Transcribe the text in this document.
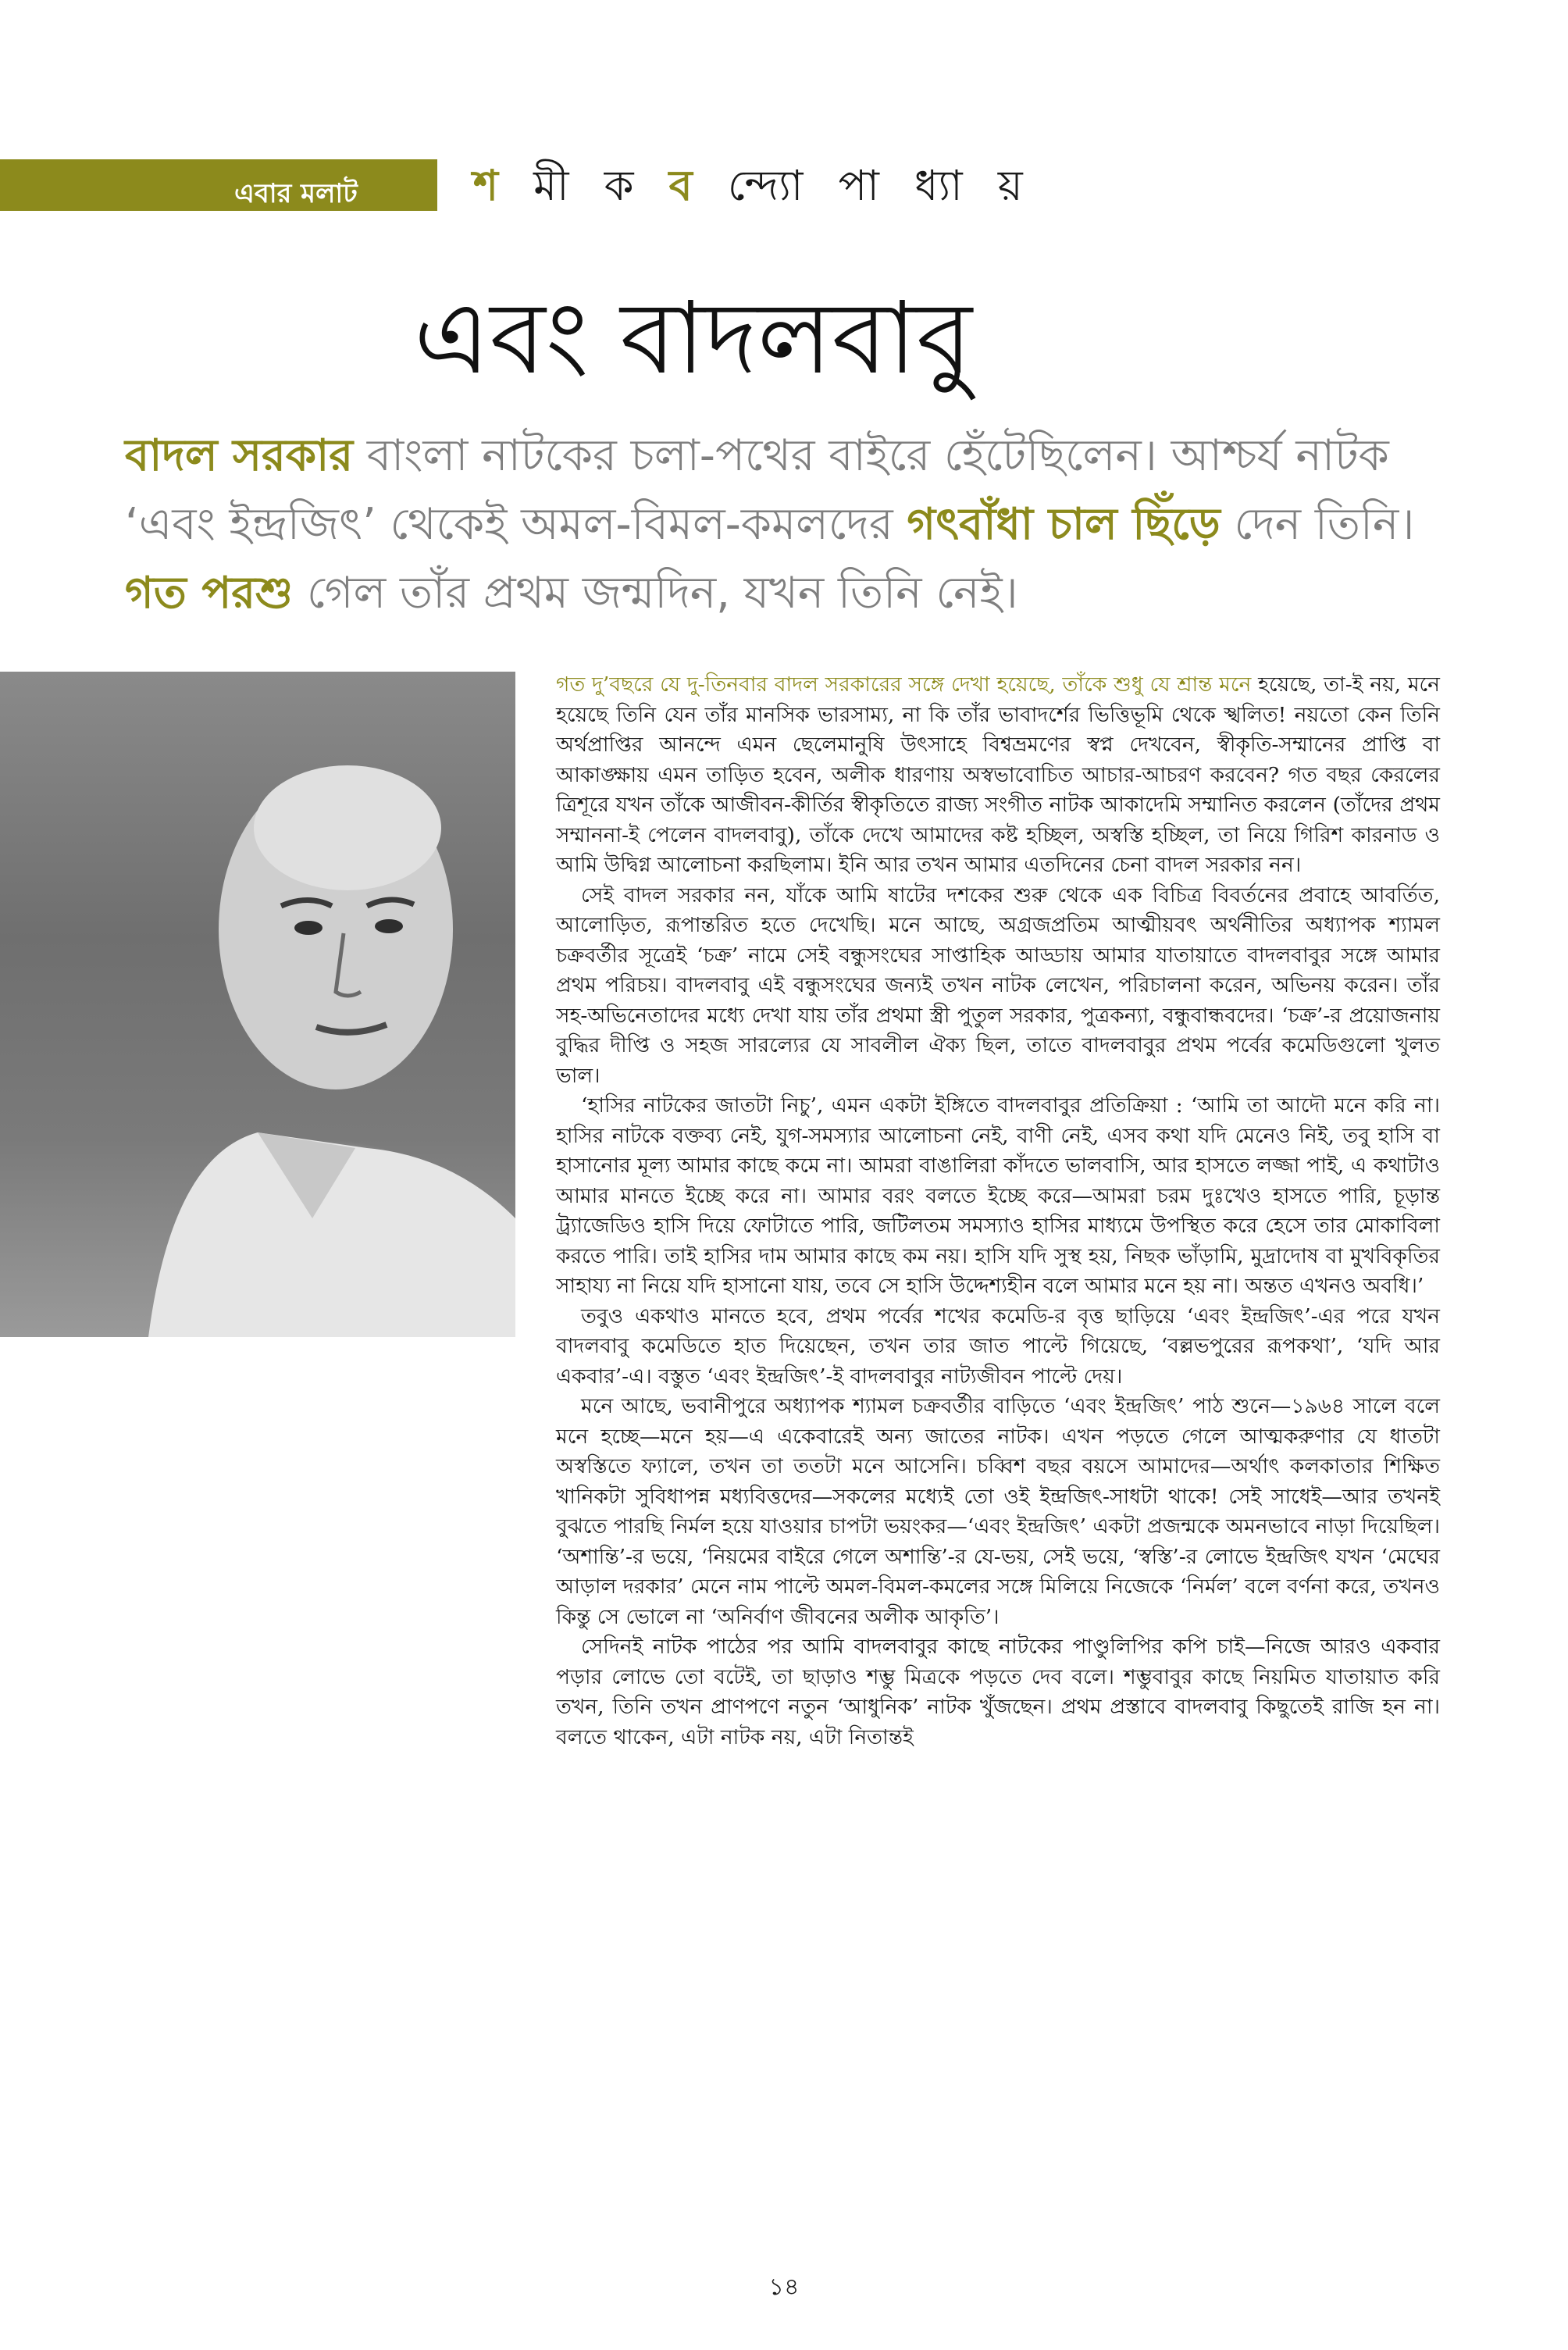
এবার মলাট	শ মী ক ব ন্দ্যো পা ধ্যা য়
এবং বাদলবাবু
বাদল সরকার বাংলা নাটকের চলা-পথের বাইরে হেঁটেছিলেন। আশ্চর্য নাটক ‘এবং ইন্দ্রজিৎ’ থেকেই অমল-বিমল-কমলদের গৎবাঁধা চাল ছিঁড়ে দেন তিনি। গত পরশু গেল তাঁর প্রথম জন্মদিন, যখন তিনি নেই।

গত দু’বছরে যে দু-তিনবার বাদল সরকারের সঙ্গে দেখা হয়েছে, তাঁকে শুধু যে শ্রান্ত মনে হয়েছে, তা-ই নয়, মনে হয়েছে তিনি যেন তাঁর মানসিক ভারসাম্য, না কি তাঁর ভাবাদর্শের ভিত্তিভূমি থেকে স্খলিত! নয়তো কেন তিনি অর্থপ্রাপ্তির আনন্দে এমন ছেলেমানুষি উৎসাহে বিশ্বভ্রমণের স্বপ্ন দেখবেন, স্বীকৃতি-সম্মানের প্রাপ্তি বা আকাঙ্ক্ষায় এমন তাড়িত হবেন, অলীক ধারণায় অস্বভাবোচিত আচার-আচরণ করবেন? গত বছর কেরলের ত্রিশূরে যখন তাঁকে আজীবন-কীর্তির স্বীকৃতিতে রাজ্য সংগীত নাটক আকাদেমি সম্মানিত করলেন (তাঁদের প্রথম সম্মাননা-ই পেলেন বাদলবাবু), তাঁকে দেখে আমাদের কষ্ট হচ্ছিল, অস্বস্তি হচ্ছিল, তা নিয়ে গিরিশ কারনাড ও আমি উদ্বিগ্ন আলোচনা করছিলাম। ইনি আর তখন আমার এতদিনের চেনা বাদল সরকার নন।

সেই বাদল সরকার নন, যাঁকে আমি ষাটের দশকের শুরু থেকে এক বিচিত্র বিবর্তনের প্রবাহে আবর্তিত, আলোড়িত, রূপান্তরিত হতে দেখেছি। মনে আছে, অগ্রজপ্রতিম আত্মীয়বৎ অর্থনীতির অধ্যাপক শ্যামল চক্রবর্তীর সূত্রেই ‘চক্র’ নামে সেই বন্ধুসংঘের সাপ্তাহিক আড্ডায় আমার যাতায়াতে বাদলবাবুর সঙ্গে আমার প্রথম পরিচয়। বাদলবাবু এই বন্ধুসংঘের জন্যই তখন নাটক লেখেন, পরিচালনা করেন, অভিনয় করেন। তাঁর সহ-অভিনেতাদের মধ্যে দেখা যায় তাঁর প্রথমা স্ত্রী পুতুল সরকার, পুত্রকন্যা, বন্ধুবান্ধবদের। ‘চক্র’-র প্রয়োজনায় বুদ্ধির দীপ্তি ও সহজ সারল্যের যে সাবলীল ঐক্য ছিল, তাতে বাদলবাবুর প্রথম পর্বের কমেডিগুলো খুলত ভাল।

‘হাসির নাটকের জাতটা নিচু’, এমন একটা ইঙ্গিতে বাদলবাবুর প্রতিক্রিয়া : ‘আমি তা আদৌ মনে করি না। হাসির নাটকে বক্তব্য নেই, যুগ-সমস্যার আলোচনা নেই, বাণী নেই, এসব কথা যদি মেনেও নিই, তবু হাসি বা হাসানোর মূল্য আমার কাছে কমে না। আমরা বাঙালিরা কাঁদতে ভালবাসি, আর হাসতে লজ্জা পাই, এ কথাটাও আমার মানতে ইচ্ছে করে না। আমার বরং বলতে ইচ্ছে করে—আমরা চরম দুঃখেও হাসতে পারি, চূড়ান্ত ট্র্যাজেডিও হাসি দিয়ে ফোটাতে পারি, জটিলতম সমস্যাও হাসির মাধ্যমে উপস্থিত করে হেসে তার মোকাবিলা করতে পারি। তাই হাসির দাম আমার কাছে কম নয়। হাসি যদি সুস্থ হয়, নিছক ভাঁড়ামি, মুদ্রাদোষ বা মুখবিকৃতির সাহায্য না নিয়ে যদি হাসানো যায়, তবে সে হাসি উদ্দেশ্যহীন বলে আমার মনে হয় না। অন্তত এখনও অবধি।’

তবুও একথাও মানতে হবে, প্রথম পর্বের শখের কমেডি-র বৃত্ত ছাড়িয়ে ‘এবং ইন্দ্রজিৎ’-এর পরে যখন বাদলবাবু কমেডিতে হাত দিয়েছেন, তখন তার জাত পাল্টে গিয়েছে, ‘বল্লভপুরের রূপকথা’, ‘যদি আর একবার’-এ। বস্তুত ‘এবং ইন্দ্রজিৎ’-ই বাদলবাবুর নাট্যজীবন পাল্টে দেয়।

মনে আছে, ভবানীপুরে অধ্যাপক শ্যামল চক্রবর্তীর বাড়িতে ‘এবং ইন্দ্রজিৎ’ পাঠ শুনে—১৯৬৪ সালে বলে মনে হচ্ছে—মনে হয়—এ একেবারেই অন্য জাতের নাটক। এখন পড়তে গেলে আত্মকরুণার যে ধাতটা অস্বস্তিতে ফ্যালে, তখন তা ততটা মনে আসেনি। চব্বিশ বছর বয়সে আমাদের—অর্থাৎ কলকাতার শিক্ষিত খানিকটা সুবিধাপন্ন মধ্যবিত্তদের—সকলের মধ্যেই তো ওই ইন্দ্রজিৎ-সাধটা থাকে! সেই সাধেই—আর তখনই বুঝতে পারছি নির্মল হয়ে যাওয়ার চাপটা ভয়ংকর—‘এবং ইন্দ্রজিৎ’ একটা প্রজন্মকে অমনভাবে নাড়া দিয়েছিল। ‘অশান্তি’-র ভয়ে, ‘নিয়মের বাইরে গেলে অশান্তি’-র যে-ভয়, সেই ভয়ে, ‘স্বস্তি’-র লোভে ইন্দ্রজিৎ যখন ‘মেঘের আড়াল দরকার’ মেনে নাম পাল্টে অমল-বিমল-কমলের সঙ্গে মিলিয়ে নিজেকে ‘নির্মল’ বলে বর্ণনা করে, তখনও কিন্তু সে ভোলে না ‘অনির্বাণ জীবনের অলীক আকৃতি’।

সেদিনই নাটক পাঠের পর আমি বাদলবাবুর কাছে নাটকের পাণ্ডুলিপির কপি চাই—নিজে আরও একবার পড়ার লোভে তো বটেই, তা ছাড়াও শম্ভু মিত্রকে পড়তে দেব বলে। শম্ভুবাবুর কাছে নিয়মিত যাতায়াত করি তখন, তিনি তখন প্রাণপণে নতুন ‘আধুনিক’ নাটক খুঁজছেন। প্রথম প্রস্তাবে বাদলবাবু কিছুতেই রাজি হন না। বলতে থাকেন, এটা নাটক নয়, এটা নিতান্তই

১৪
